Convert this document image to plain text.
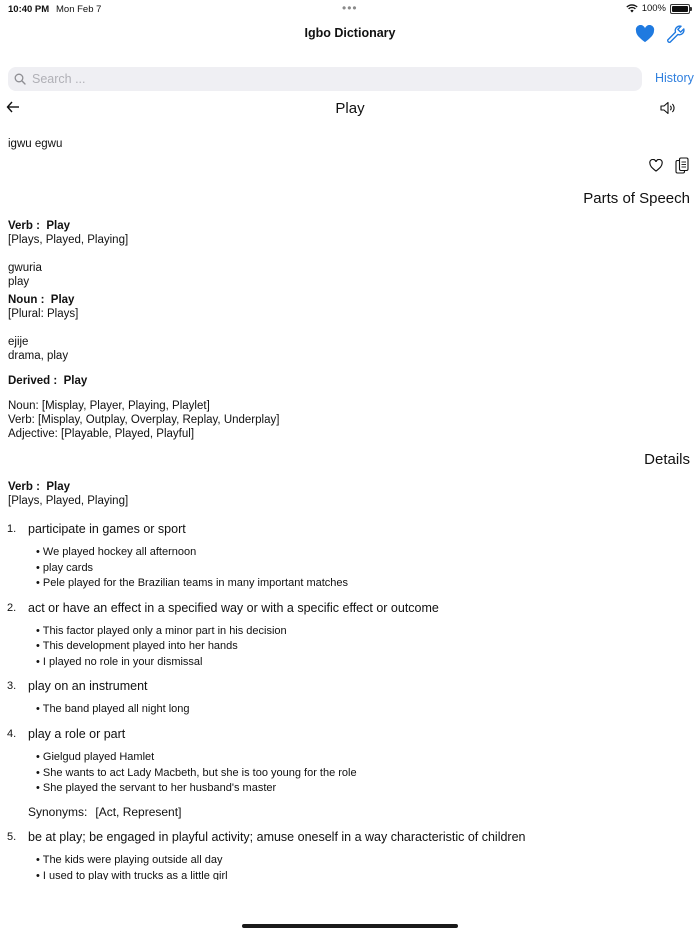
10:40 PM Mon Feb 7	•••	100%
Igbo Dictionary
Search ...
History
Play
igwu egwu
Parts of Speech
Verb : Play
[Plays, Played, Playing]
gwuria
play
Noun : Play
[Plural: Plays]
ejije
drama, play
Derived : Play
Noun: [Misplay, Player, Playing, Playlet]
Verb: [Misplay, Outplay, Overplay, Replay, Underplay]
Adjective: [Playable, Played, Playful]
Details
Verb : Play
[Plays, Played, Playing]
1. participate in games or sport
• We played hockey all afternoon
• play cards
• Pele played for the Brazilian teams in many important matches
2. act or have an effect in a specified way or with a specific effect or outcome
• This factor played only a minor part in his decision
• This development played into her hands
• I played no role in your dismissal
3. play on an instrument
• The band played all night long
4. play a role or part
• Gielgud played Hamlet
• She wants to act Lady Macbeth, but she is too young for the role
• She played the servant to her husband's master
Synonyms: [Act, Represent]
5. be at play; be engaged in playful activity; amuse oneself in a way characteristic of children
• The kids were playing outside all day
• I used to play with trucks as a little girl
